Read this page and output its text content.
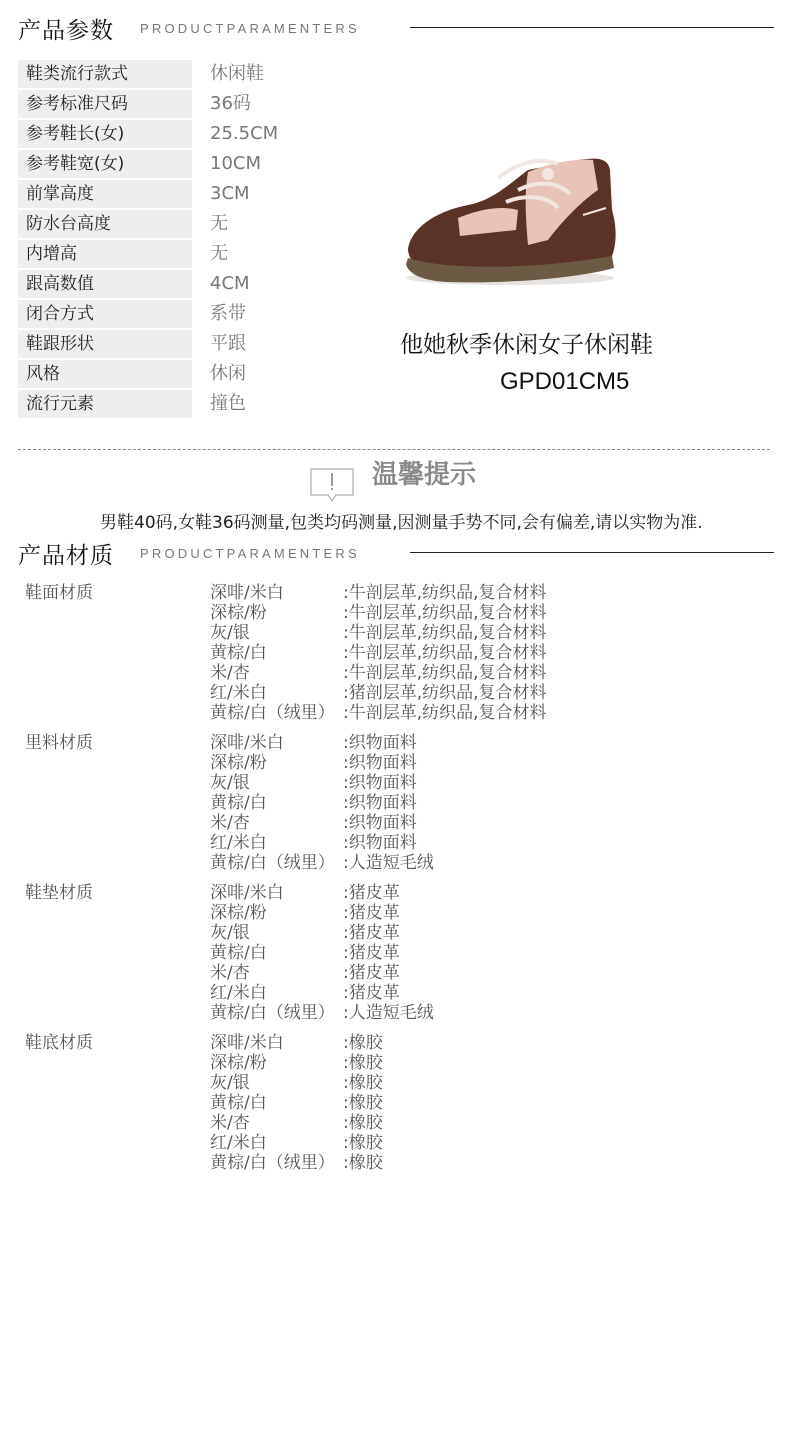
产品参数 PRODUCTPARAMENTERS
鞋类流行款式	休闲鞋
参考标准尺码	36码
参考鞋长(女)	25.5CM
参考鞋宽(女)	10CM
前掌高度	3CM
防水台高度	无
内增高	无
跟高数值	4CM
闭合方式	系带
鞋跟形状	平跟
风格	休闲
流行元素	撞色
他她秋季休闲女子休闲鞋
GPD01CM5
温馨提示
男鞋40码,女鞋36码测量,包类均码测量,因测量手势不同,会有偏差,请以实物为准.
产品材质 PRODUCTPARAMENTERS
鞋面材质	深啡/米白	:牛剖层革,纺织品,复合材料
深棕/粉	:牛剖层革,纺织品,复合材料
灰/银	:牛剖层革,纺织品,复合材料
黄棕/白	:牛剖层革,纺织品,复合材料
米/杏	:牛剖层革,纺织品,复合材料
红/米白	:猪剖层革,纺织品,复合材料
黄棕/白（绒里） :牛剖层革,纺织品,复合材料
里料材质	深啡/米白	:织物面料
深棕/粉	:织物面料
灰/银	:织物面料
黄棕/白	:织物面料
米/杏	:织物面料
红/米白	:织物面料
黄棕/白（绒里） :人造短毛绒
鞋垫材质	深啡/米白	:猪皮革
深棕/粉	:猪皮革
灰/银	:猪皮革
黄棕/白	:猪皮革
米/杏	:猪皮革
红/米白	:猪皮革
黄棕/白（绒里） :人造短毛绒
鞋底材质	深啡/米白	:橡胶
深棕/粉	:橡胶
灰/银	:橡胶
黄棕/白	:橡胶
米/杏	:橡胶
红/米白	:橡胶
黄棕/白（绒里） :橡胶
